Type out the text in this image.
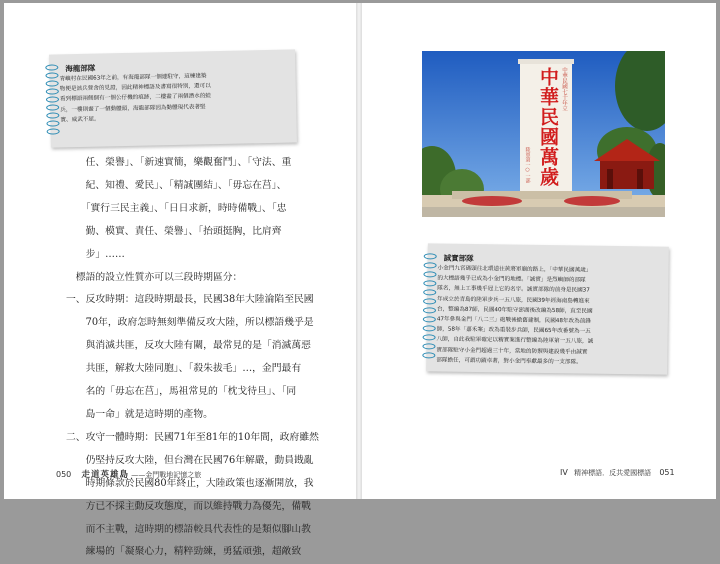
海龍部隊
青嶼村在民國63年之前，有海龍部隊一個連駐守，這棟建築
物便是該兵營舍的見證，因此精神標語及書寫很特別，還可以
看到標語兩側個有一個公仔機的痕跡，二樓畫了兩個潛水的蛙
兵，一樓則畫了一個動體頭，海龍部隊因為勤體現代表著堅
實、威武不屈。
　　任、榮譽」、「新速實簡，樂觀奮鬥」、「守法、重
　　紀、知禮、愛民」、「精誠團結」、「毋忘在莒」、
　　「實行三民主義」、「日日求新，時時備戰」、「忠
　　勤、模實、責任、榮譽」、「抬頭挺胸，比肩齊
　　步」……
　標語的設立性質亦可以三段時期區分：
一、反攻時期：這段時期最長，民國38年大陸淪陷至民國
　　70年，政府怎時無刻準備反攻大陸，所以標語幾乎是
　　與消滅共匪，反攻大陸有關，最常見的是「消滅萬惡
　　共匪，解救大陸同胞」、「殺朱拔毛」…，金門最有
　　名的「毋忘在莒」，馬祖常見的「枕戈待旦」、「同
　　島一命」就是這時期的產物。
二、攻守一體時期：民國71年至81年的10年間，政府雖然
　　仍堅持反攻大陸，但台灣在民國76年解嚴，動員戡亂
　　時期條款於民國80年終止，大陸政策也逐漸開放，我
　　方已不採主動反攻態度，而以維持戰力為優先，備戰
　　而不主戰，這時期的標語較具代表性的是類似腳山教
　　練場的「凝聚心力，精粹勁練，勇猛頑強，超敵致
050 走道英雄島 ——金門戰地記憶之旅
中華民國萬歲 中華民國七十年立
陸軍第一○一部
誠實部隊
小金門九宮碼頭往北環道往黃將軍廟的路上，「中華民國萬歲」
的大標語幾乎已成為小金門的地標。「誠實」是烈嶼師的部隊
隊名，無上工事幾乎冠上它的名字。誠實部隊的前身是民國37
年成立於青島的陸軍步兵一五八旅，民國39年經海南島轉進來
台，整編為87師，民國40年駐守澎湖後改編為58師，直至民國
47年參與金門「八二三」砲戰後撤舊建制，民國48年改為前鋒
師，58年「嘉禾案」改為重裝步兵師，民國65年改番號為一五
八師，自此我駐軍確定以精實案進行整編為陸軍第一五八旅，誠
實部隊駐守小金門超過三十年，當地的防禦與建設幾乎由誠實
部隊擔任，可謂功蹟卓著，對小金門奉獻最多的一支部隊。
IV 精神標語．反共愛國標語 051
